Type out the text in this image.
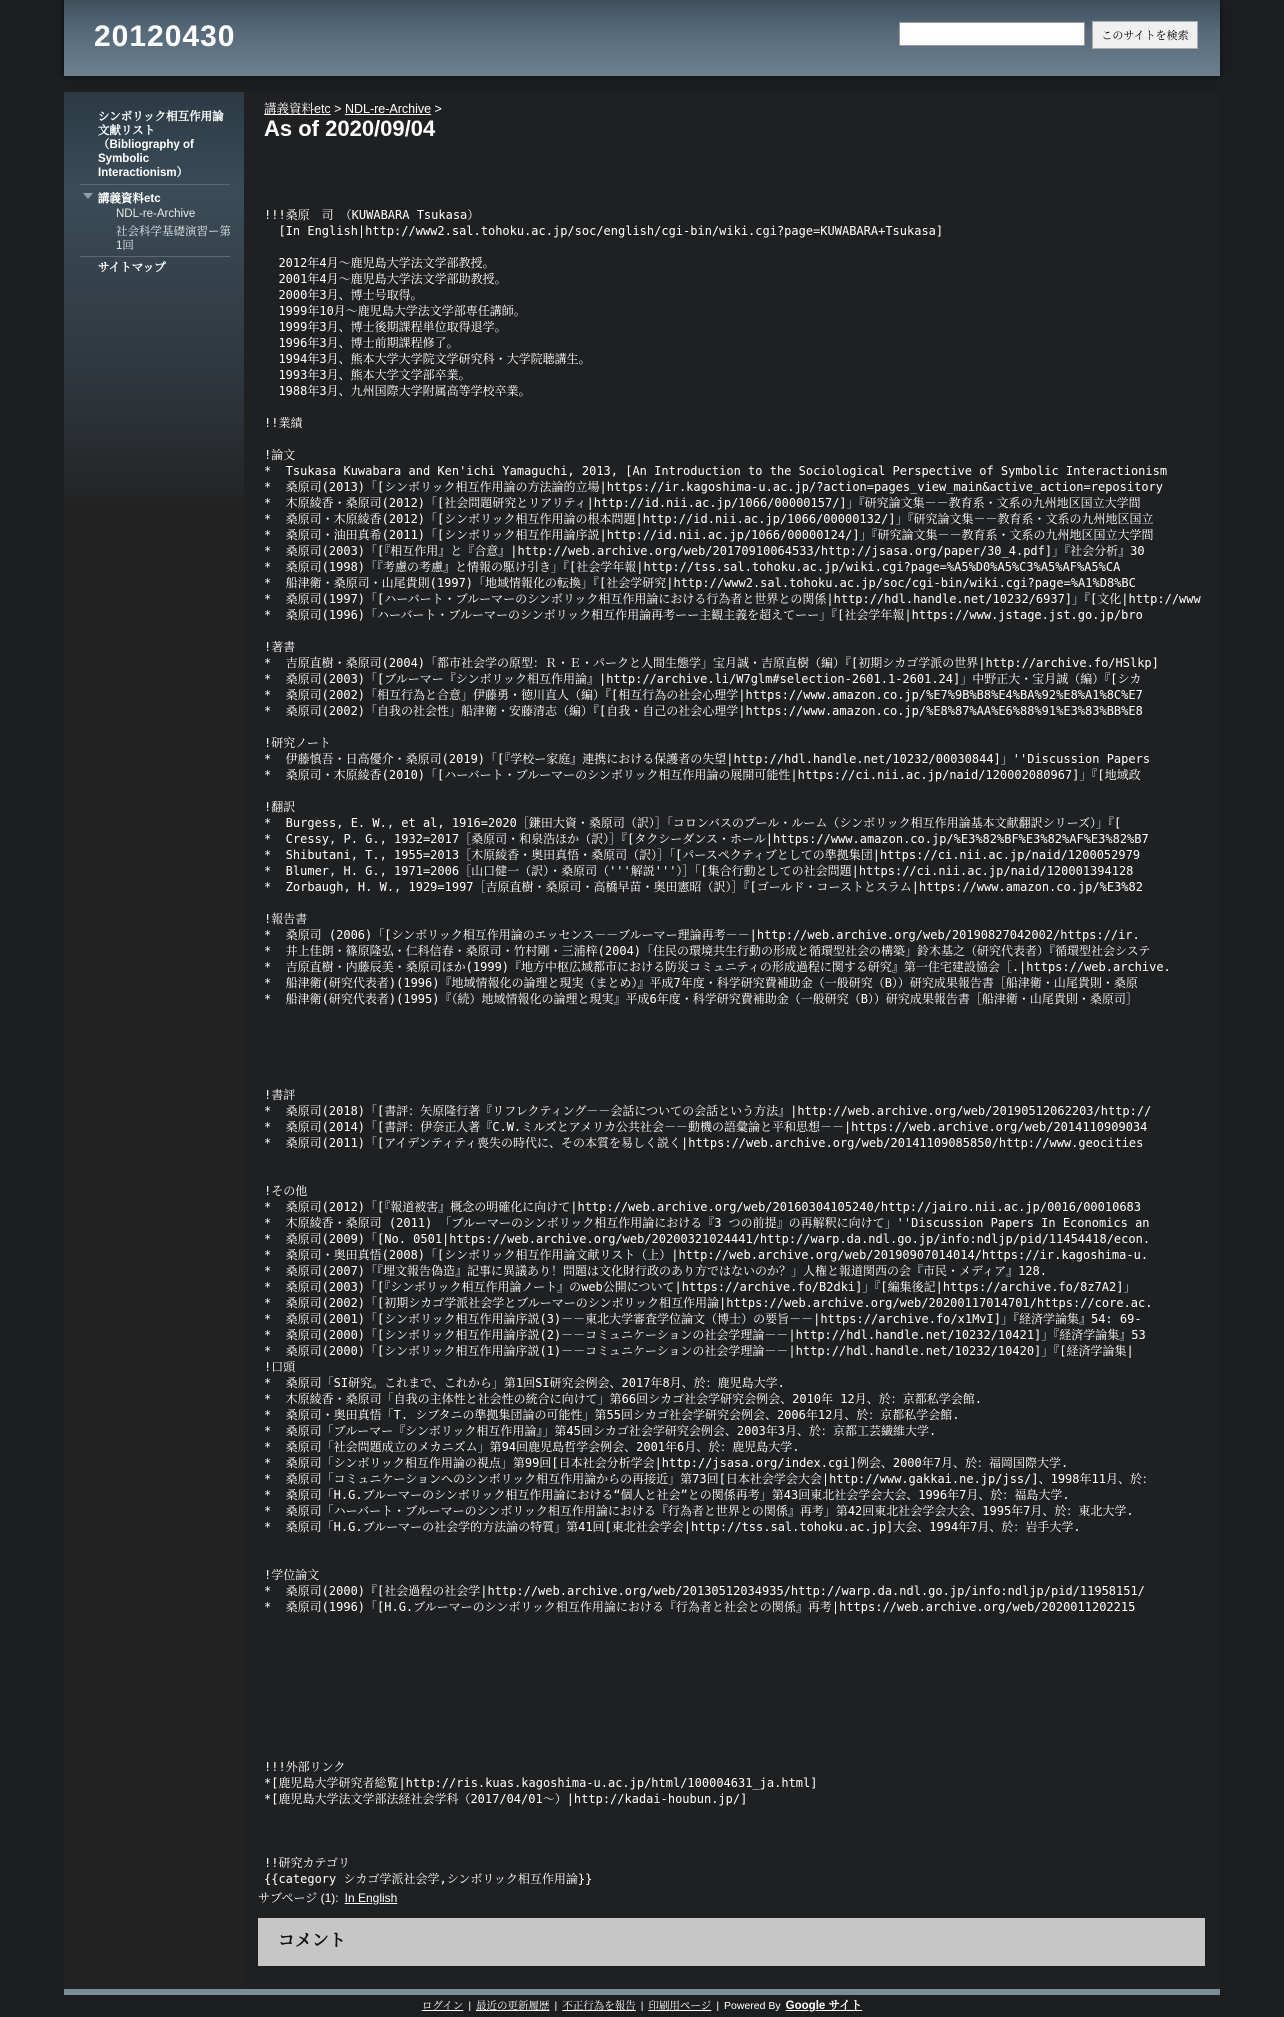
20120430	このサイトを検索
シンボリック相互作用論文献リスト（Bibliography of Symbolic Interactionism）
講義資料etc
NDL-re-Archive
社会科学基礎演習ー第1回
サイトマップ
講義資料etc > NDL-re-Archive >
As of 2020/09/04
!!!桑原　司　（KUWABARA Tsukasa）
[In English|http://www2.sal.tohoku.ac.jp/soc/english/cgi-bin/wiki.cgi?page=KUWABARA+Tsukasa]
2012年4月～鹿児島大学法文学部教授。
2001年4月～鹿児島大学法文学部助教授。
2000年3月、博士号取得。
1999年10月～鹿児島大学法文学部専任講師。
1999年3月、博士後期課程単位取得退学。
1996年3月、博士前期課程修了。
1994年3月、熊本大学大学院文学研究科・大学院聴講生。
1993年3月、熊本大学文学部卒業。
1988年3月、九州国際大学附属高等学校卒業。
!!業績
!論文
*  Tsukasa Kuwabara and Ken'ichi Yamaguchi, 2013, [An Introduction to the Sociological Perspective of Symbolic Interactionism
*  桑原司(2013)「[シンボリック相互作用論の方法論的立場|https://ir.kagoshima-u.ac.jp/?action=pages_view_main&active_action=repository
*  木原綾香・桑原司(2012)「[社会問題研究とリアリティ|http://id.nii.ac.jp/1066/00000157/]」『研究論文集－－教育系・文系の九州地区国立大学間
*  桑原司・木原綾香(2012)「[シンボリック相互作用論の根本問題|http://id.nii.ac.jp/1066/00000132/]」『研究論文集－－教育系・文系の九州地区国立
*  桑原司・油田真希(2011)「[シンボリック相互作用論序説|http://id.nii.ac.jp/1066/00000124/]」『研究論文集－－教育系・文系の九州地区国立大学間
*  桑原司(2003)「[『相互作用』と『合意』|http://web.archive.org/web/20170910064533/http://jsasa.org/paper/30_4.pdf]」『社会分析』30
*  桑原司(1998)「『考慮の考慮』と情報の駆け引き」『[社会学年報|http://tss.sal.tohoku.ac.jp/wiki.cgi?page=%A5%D0%A5%C3%A5%AF%A5%CA
*  船津衛・桑原司・山尾貴則(1997)「地域情報化の転換」『[社会学研究|http://www2.sal.tohoku.ac.jp/soc/cgi-bin/wiki.cgi?page=%A1%D8%BC
*  桑原司(1997)「[ハーバート・ブルーマーのシンボリック相互作用論における行為者と世界との関係|http://hdl.handle.net/10232/6937]」『[文化|http://www
*  桑原司(1996)「ハーバート・ブルーマーのシンボリック相互作用論再考ーー主観主義を超えてーー」『[社会学年報|https://www.jstage.jst.go.jp/bro
!著書
*  吉原直樹・桑原司(2004)「都市社会学の原型：Ｒ・Ｅ・パークと人間生態学」宝月誠・吉原直樹（編）『[初期シカゴ学派の世界|http://archive.fo/HSlkp]
*  桑原司(2003)「[ブルーマー『シンボリック相互作用論』|http://archive.li/W7glm#selection-2601.1-2601.24]」中野正大・宝月誠（編）『[シカ
*  桑原司(2002)「相互行為と合意」伊藤勇・徳川直人（編）『[相互行為の社会心理学|https://www.amazon.co.jp/%E7%9B%B8%E4%BA%92%E8%A1%8C%E7
*  桑原司(2002)「自我の社会性」船津衛・安藤清志（編）『[自我・自己の社会心理学|https://www.amazon.co.jp/%E8%87%AA%E6%88%91%E3%83%BB%E8
!研究ノート
*  伊藤慎吾・日高優介・桑原司(2019)「[『学校ー家庭』連携における保護者の失望|http://hdl.handle.net/10232/00030844]」''Discussion Papers
*  桑原司・木原綾香(2010)「[ハーバート・ブルーマーのシンボリック相互作用論の展開可能性|https://ci.nii.ac.jp/naid/120002080967]」『[地域政
!翻訳
*  Burgess, E. W., et al, 1916=2020［鎌田大資・桑原司（訳）］「コロンバスのプール・ルーム（シンボリック相互作用論基本文献翻訳シリーズ）」『[
*  Cressy, P. G., 1932=2017［桑原司・和泉浩ほか（訳）］『[タクシーダンス・ホール|https://www.amazon.co.jp/%E3%82%BF%E3%82%AF%E3%82%B7
*  Shibutani, T., 1955=2013［木原綾香・奥田真悟・桑原司（訳）］「[パースペクティブとしての準拠集団|https://ci.nii.ac.jp/naid/1200052979
*  Blumer, H. G., 1971=2006［山口健一（訳）・桑原司（'''解説'''）］「[集合行動としての社会問題|https://ci.nii.ac.jp/naid/120001394128
*  Zorbaugh, H. W., 1929=1997［吉原直樹・桑原司・高橋早苗・奥田憲昭（訳）］『[ゴールド・コーストとスラム|https://www.amazon.co.jp/%E3%82
!報告書
*  桑原司 (2006)「[シンボリック相互作用論のエッセンス－－ブルーマー理論再考－－|http://web.archive.org/web/20190827042002/https://ir.
*  井上佳朗・篠原隆弘・仁科信春・桑原司・竹村剛・三浦梓(2004)「住民の環境共生行動の形成と循環型社会の構築」鈴木基之（研究代表者）『循環型社会システ
*  吉原直樹・内藤辰美・桑原司ほか(1999)『地方中枢広域都市における防災コミュニティの形成過程に関する研究』第一住宅建設協会［.|https://web.archive.
*  船津衛(研究代表者)(1996)『地域情報化の論理と現実（まとめ）』平成7年度・科学研究費補助金（一般研究（B））研究成果報告書［船津衛・山尾貴則・桑原
*  船津衛(研究代表者)(1995)『（続）地域情報化の論理と現実』平成6年度・科学研究費補助金（一般研究（B））研究成果報告書［船津衛・山尾貴則・桑原司］
!書評
*  桑原司(2018)「[書評：矢原隆行著『リフレクティング－－会話についての会話という方法』|http://web.archive.org/web/20190512062203/http://
*  桑原司(2014)「[書評：伊奈正人著『C.W.ミルズとアメリカ公共社会－－動機の語彙論と平和思想－－|https://web.archive.org/web/2014110909034
*  桑原司(2011)「[アイデンティティ喪失の時代に、その本質を易しく説く|https://web.archive.org/web/20141109085850/http://www.geocities
!その他
*  桑原司(2012)「[『報道被害』概念の明確化に向けて|http://web.archive.org/web/20160304105240/http://jairo.nii.ac.jp/0016/00010683
*  木原綾香・桑原司 (2011) 「ブルーマーのシンボリック相互作用論における『3 つの前提』の再解釈に向けて」''Discussion Papers In Economics an
*  桑原司(2009)「[No. 0501|https://web.archive.org/web/20200321024441/http://warp.da.ndl.go.jp/info:ndljp/pid/11454418/econ.
*  桑原司・奥田真悟(2008)「[シンボリック相互作用論文献リスト（上）|http://web.archive.org/web/20190907014014/https://ir.kagoshima-u.
*  桑原司(2007)「『埋文報告偽造』記事に異議あり！問題は文化財行政のあり方ではないのか？」人権と報道関西の会『市民・メディア』128.
*  桑原司(2003)「[『シンボリック相互作用論ノート』のweb公開について|https://archive.fo/B2dki]」『[編集後記|https://archive.fo/8z7A2]」
*  桑原司(2002)「[初期シカゴ学派社会学とブルーマーのシンボリック相互作用論|https://web.archive.org/web/20200117014701/https://core.ac.
*  桑原司(2001)「[シンボリック相互作用論序説(3)－－東北大学審査学位論文（博士）の要旨－－|https://archive.fo/x1MvI]」『経済学論集』54: 69-
*  桑原司(2000)「[シンボリック相互作用論序説(2)－－コミュニケーションの社会学理論－－|http://hdl.handle.net/10232/10421]」『経済学論集』53
*  桑原司(2000)「[シンボリック相互作用論序説(1)－－コミュニケーションの社会学理論－－|http://hdl.handle.net/10232/10420]」『[経済学論集|
!口頭
*  桑原司「SI研究。これまで、これから」第1回SI研究会例会、2017年8月、於：鹿児島大学.
*  木原綾香・桑原司「自我の主体性と社会性の統合に向けて」第66回シカゴ社会学研究会例会、2010年 12月、於：京都私学会館.
*  桑原司・奥田真悟「T. シブタニの準拠集団論の可能性」第55回シカゴ社会学研究会例会、2006年12月、於：京都私学会館.
*  桑原司「ブルーマー『シンボリック相互作用論』」第45回シカゴ社会学研究会例会、2003年3月、於：京都工芸繊維大学.
*  桑原司「社会問題成立のメカニズム」第94回鹿児島哲学会例会、2001年6月、於：鹿児島大学.
*  桑原司「シンボリック相互作用論の視点」第99回[日本社会分析学会|http://jsasa.org/index.cgi]例会、2000年7月、於：福岡国際大学.
*  桑原司「コミュニケーションへのシンボリック相互作用論からの再接近」第73回[日本社会学会大会|http://www.gakkai.ne.jp/jss/]、1998年11月、於：
*  桑原司「H.G.ブルーマーのシンボリック相互作用論における“個人と社会”との関係再考」第43回東北社会学会大会、1996年7月、於：福島大学.
*  桑原司「ハーバート・ブルーマーのシンボリック相互作用論における『行為者と世界との関係』再考」第42回東北社会学会大会、1995年7月、於：東北大学.
*  桑原司「H.G.ブルーマーの社会学的方法論の特質」第41回[東北社会学会|http://tss.sal.tohoku.ac.jp]大会、1994年7月、於：岩手大学.
!学位論文
*  桑原司(2000)『[社会過程の社会学|http://web.archive.org/web/20130512034935/http://warp.da.ndl.go.jp/info:ndljp/pid/11958151/
*  桑原司(1996)「[H.G.ブルーマーのシンボリック相互作用論における『行為者と社会との関係』再考|https://web.archive.org/web/2020011202215
!!!外部リンク
*[鹿児島大学研究者総覧|http://ris.kuas.kagoshima-u.ac.jp/html/100004631_ja.html]
*[鹿児島大学法文学部法経社会学科（2017/04/01～）|http://kadai-houbun.jp/]
!!研究カテゴリ
{{category シカゴ学派社会学,シンボリック相互作用論}}
サブページ (1): In English
コメント
ログイン | 最近の更新履歴 | 不正行為を報告 | 印刷用ページ | Powered By Google サイト
